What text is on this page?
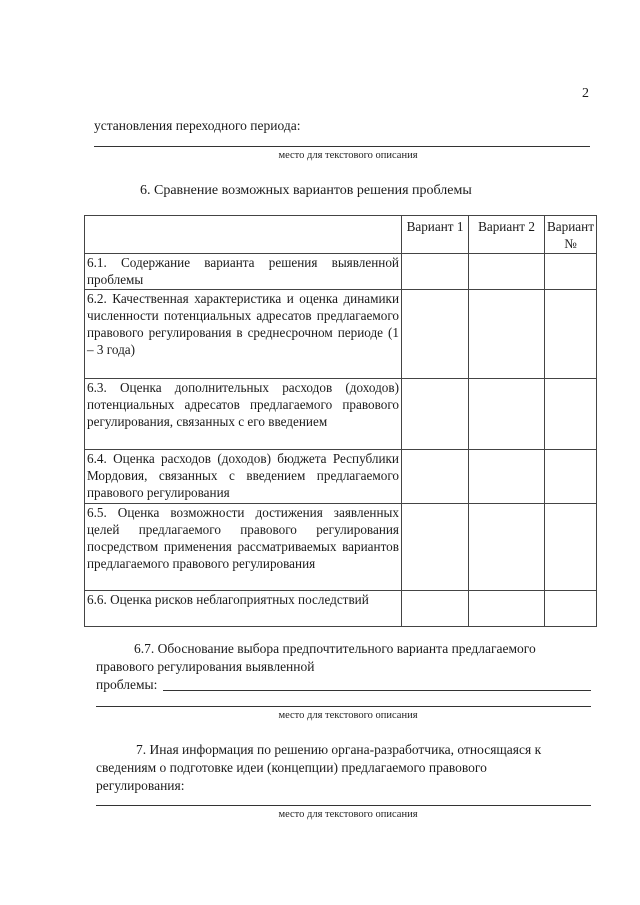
2
установления переходного периода:
место для текстового описания
6. Сравнение возможных вариантов решения проблемы
	Вариант 1	Вариант 2	Вариант №
6.1. Содержание варианта решения выявленной проблемы			
6.2. Качественная характеристика и оценка динамики численности потенциальных адресатов предлагаемого правового регулирования в среднесрочном периоде (1 – 3 года)			
6.3. Оценка дополнительных расходов (доходов) потенциальных адресатов предлагаемого правового регулирования, связанных с его введением			
6.4. Оценка расходов (доходов) бюджета Республики Мордовия, связанных с введением предлагаемого правового регулирования			
6.5. Оценка возможности достижения заявленных целей предлагаемого правового регулирования посредством применения рассматриваемых вариантов предлагаемого правового регулирования			
6.6. Оценка рисков неблагоприятных последствий			
6.7. Обоснование выбора предпочтительного варианта предлагаемого
правового регулирования выявленной
проблемы:
место для текстового описания
7. Иная информация по решению органа-разработчика, относящаяся к
сведениям о подготовке идеи (концепции) предлагаемого правового
регулирования:
место для текстового описания
